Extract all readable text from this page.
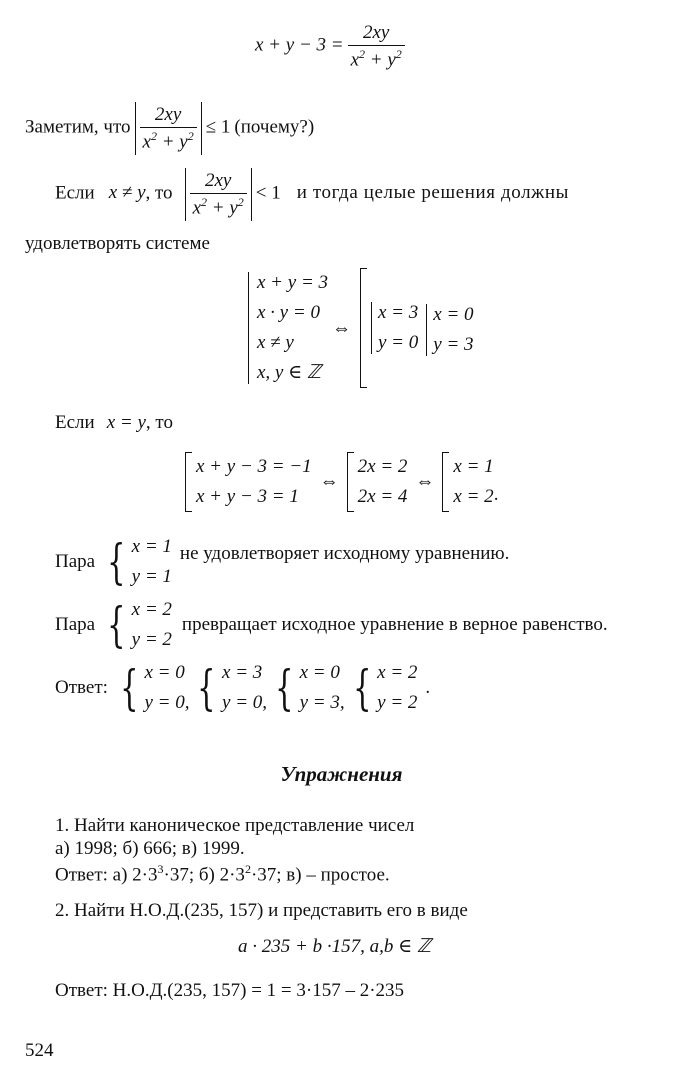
$x + y - 3 = \frac{2xy}{x^2 + y^2}$
Заметим, что $\frac{2xy}{x^2 + y^2} \le 1$ (почему?)
Если x ≠ y, то $\frac{2xy}{x^2 + y^2} < 1$ и тогда целые решения должны
удовлетворять системе
x + y = 3
x · y = 0
x ≠ y
x, y ∈ ℤ
⇔
x = 3
y = 0

x = 0
y = 3
Если x = y, то
x + y − 3 = −1
x + y − 3 = 1
⇔
2x = 2
2x = 4
⇔
x = 1
x = 2 .
Пара { x = 1
y = 1
не удовлетворяет исходному уравнению.
Пара { x = 2
y = 2
превращает исходное уравнение в верное равенство.
Ответ: { x = 0
y = 0, { x = 3
y = 0, { x = 0
y = 3, { x = 2
y = 2
.
Упражнения
1. Найти каноническое представление чисел
а) 1998; б) 666; в) 1999.
Ответ: а) $2\cdot 3^3\cdot 37$; б) $2\cdot 3^2\cdot 37$; в) – простое.
2. Найти Н.О.Д.(235, 157) и представить его в виде
a · 235 + b ·157, a,b ∈ ℤ
Ответ: Н.О.Д.(235, 157) = 1 = 3·157 – 2·235
524
